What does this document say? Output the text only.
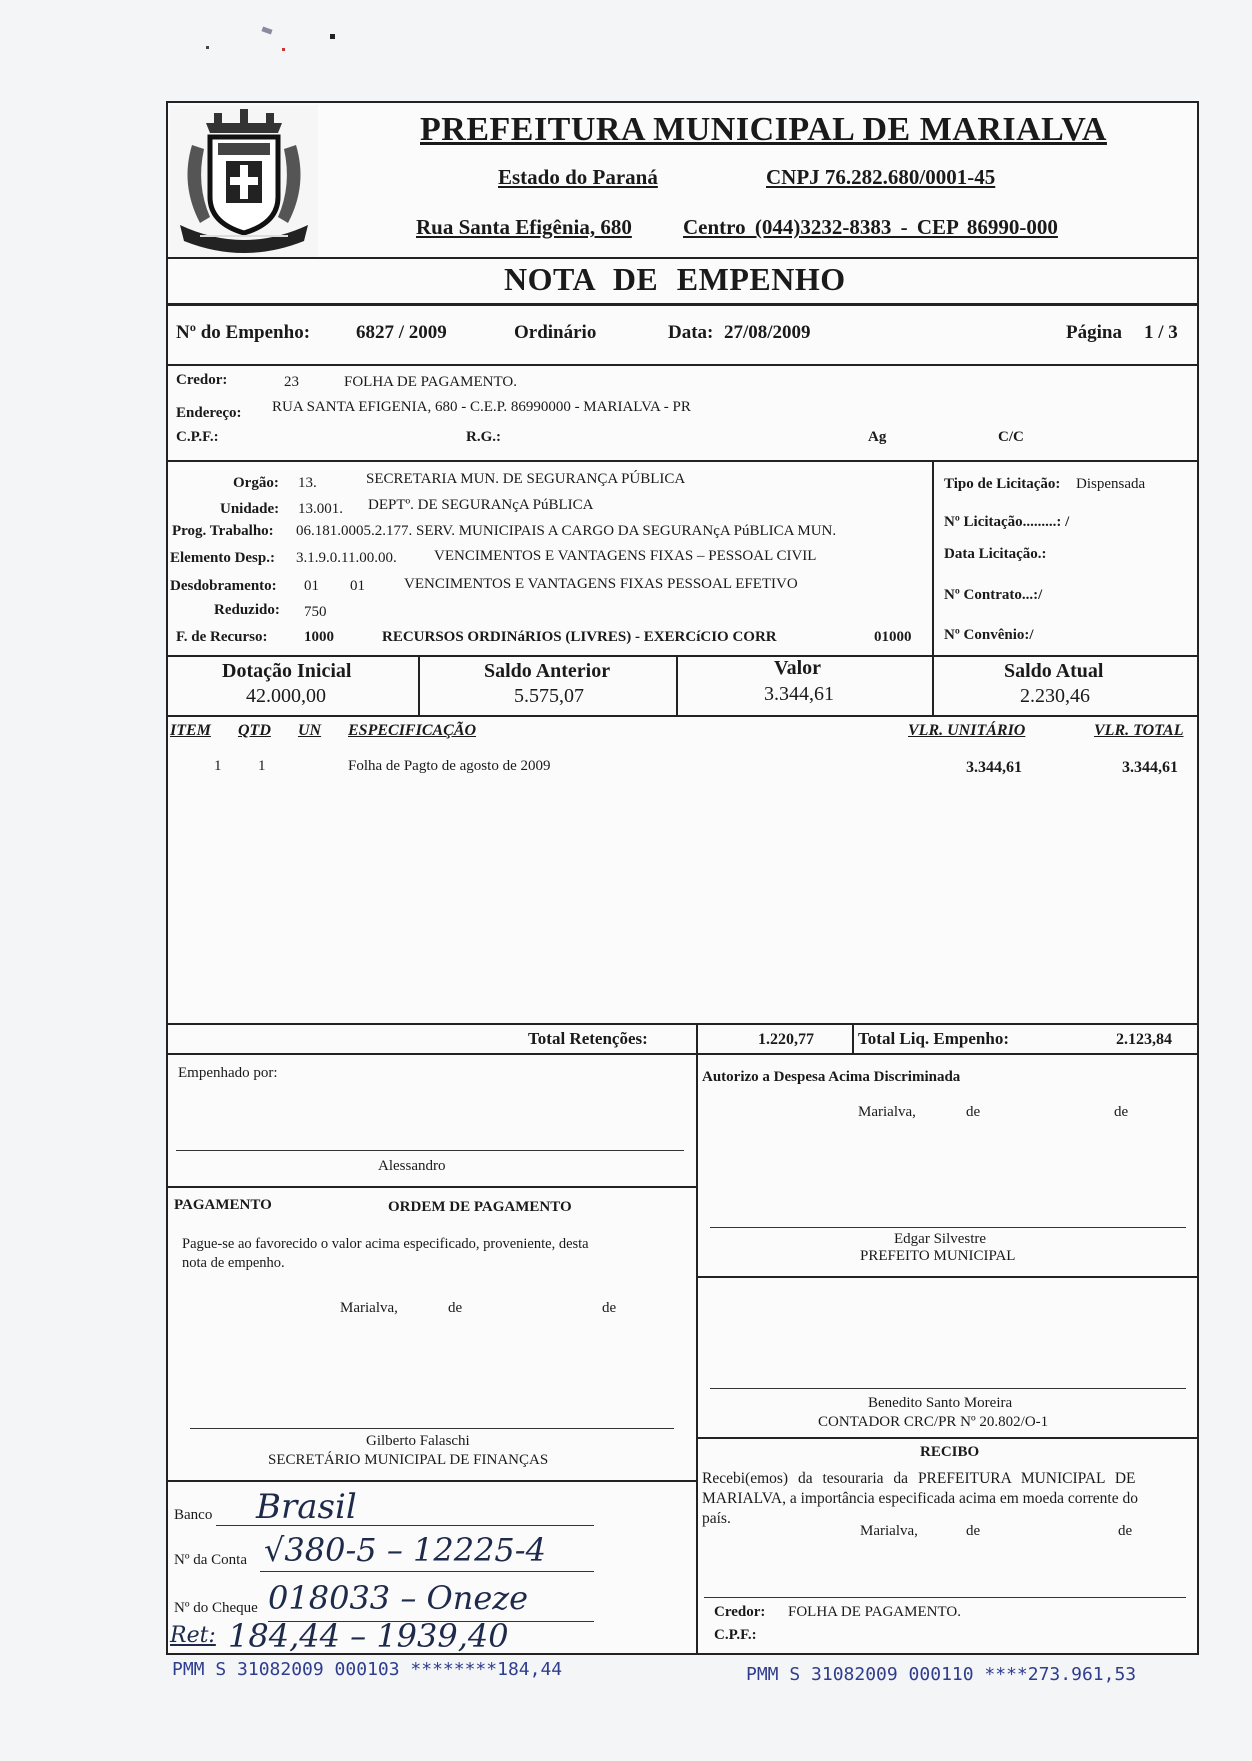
PREFEITURA MUNICIPAL DE MARIALVA
Estado do Paraná	CNPJ 76.282.680/0001-45
Rua Santa Efigênia, 680 Centro (044)3232-8383 - CEP 86990-000
NOTA DE EMPENHO
Nº do Empenho: 6827 / 2009	Ordinário	Data: 27/08/2009	Página 1 / 3
Credor:	23	FOLHA DE PAGAMENTO.
Endereço: RUA SANTA EFIGENIA, 680 - C.E.P. 86990000 - MARIALVA - PR
C.P.F.:	R.G.:	Ag	C/C
Orgão: 13.	SECRETARIA MUN. DE SEGURANÇA PÚBLICA
Unidade: 13.001. DEPTº. DE SEGURANçA PúBLICA
Prog. Trabalho: 06.181.0005.2.177. SERV. MUNICIPAIS A CARGO DA SEGURANçA PúBLICA MUN.
Elemento Desp.: 3.1.9.0.11.00.00. VENCIMENTOS E VANTAGENS FIXAS – PESSOAL CIVIL
Desdobramento: 01 01	VENCIMENTOS E VANTAGENS FIXAS PESSOAL EFETIVO
Reduzido: 750
F. de Recurso: 1000	RECURSOS ORDINáRIOS (LIVRES) - EXERCíCIO CORR	01000
Tipo de Licitação: Dispensada
Nº Licitação.........: /
Data Licitação.:
Nº Contrato...:/
Nº Convênio:/
Dotação Inicial
42.000,00
Saldo Anterior
5.575,07
Valor
3.344,61
Saldo Atual
2.230,46
ITEM QTD UN ESPECIFICAÇÃO	VLR. UNITÁRIO	VLR. TOTAL
1 1	Folha de Pagto de agosto de 2009	3.344,61	3.344,61
Total Retenções:	1.220,77	Total Liq. Empenho:	2.123,84
Empenhado por:
Alessandro
PAGAMENTO	ORDEM DE PAGAMENTO
Pague-se ao favorecido o valor acima especificado, proveniente, desta
nota de empenho.
Marialva,	de	de
Gilberto Falaschi
SECRETÁRIO MUNICIPAL DE FINANÇAS
Banco Brasil
Nº da Conta √380-5 – 12225-4
Nº do Cheque 018033 – Oneze
Ret: 184,44 – 1939,40
Autorizo a Despesa Acima Discriminada
Marialva,	de	de
Edgar Silvestre
PREFEITO MUNICIPAL
Benedito Santo Moreira
CONTADOR CRC/PR Nº 20.802/O-1
RECIBO
Recebi(emos) da tesouraria da PREFEITURA MUNICIPAL DE
MARIALVA, a importância especificada acima em moeda corrente do
país.
Marialva,	de	de
Credor: FOLHA DE PAGAMENTO.
C.P.F.:
PMM S 31082009 000103 ********184,44	PMM S 31082009 000110 ****273.961,53
